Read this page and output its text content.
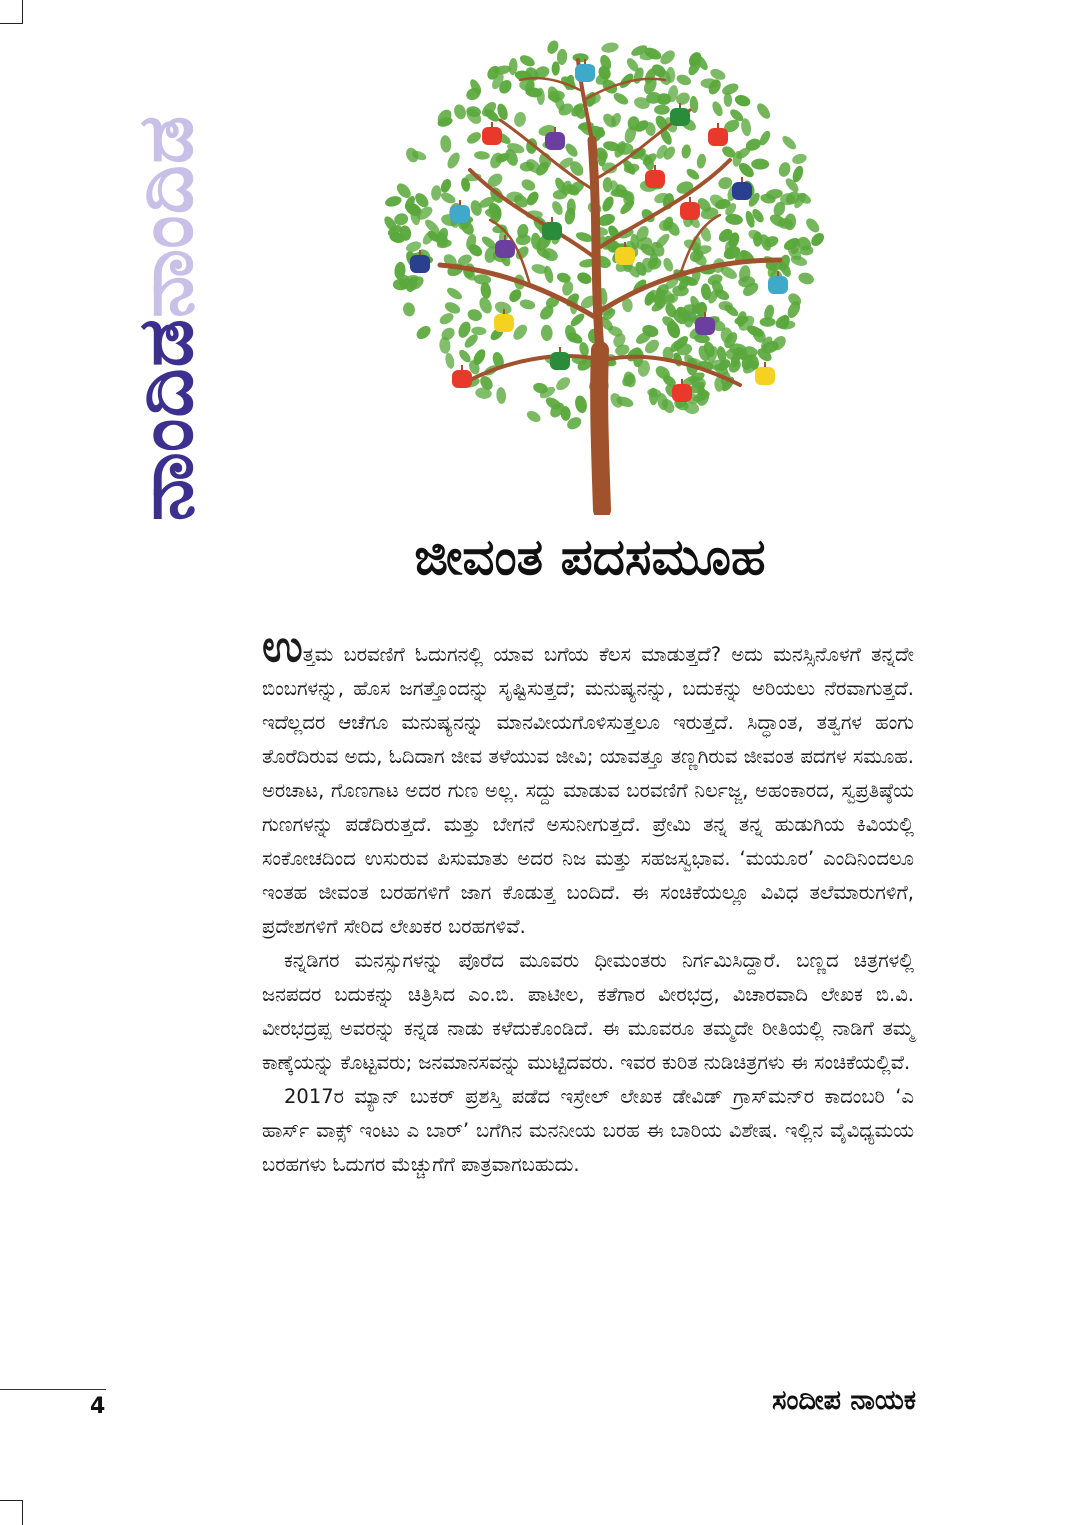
ನಾಂದಿಡನಾಂದಿಡ
ಜೀವಂತ ಪದಸಮೂಹ

ಉತ್ತಮ ಬರವಣಿಗೆ ಓದುಗನಲ್ಲಿ ಯಾವ ಬಗೆಯ ಕೆಲಸ ಮಾಡುತ್ತದೆ? ಅದು ಮನಸ್ಸಿನೊಳಗೆ ತನ್ನದೇ ಬಿಂಬಗಳನ್ನು, ಹೊಸ ಜಗತ್ತೊಂದನ್ನು ಸೃಷ್ಟಿಸುತ್ತದೆ; ಮನುಷ್ಯನನ್ನು, ಬದುಕನ್ನು ಅರಿಯಲು ನೆರವಾಗುತ್ತದೆ. ಇದೆಲ್ಲದರ ಆಚೆಗೂ ಮನುಷ್ಯನನ್ನು ಮಾನವೀಯಗೊಳಿಸುತ್ತಲೂ ಇರುತ್ತದೆ. ಸಿದ್ಧಾಂತ, ತತ್ವಗಳ ಹಂಗು ತೊರೆದಿರುವ ಅದು, ಓದಿದಾಗ ಜೀವ ತಳೆಯುವ ಜೀವಿ; ಯಾವತ್ತೂ ತಣ್ಣಗಿರುವ ಜೀವಂತ ಪದಗಳ ಸಮೂಹ. ಅರಚಾಟ, ಗೊಣಗಾಟ ಅದರ ಗುಣ ಅಲ್ಲ. ಸದ್ದು ಮಾಡುವ ಬರವಣಿಗೆ ನಿರ್ಲಜ್ಜ, ಅಹಂಕಾರದ, ಸ್ವಪ್ರತಿಷ್ಠೆಯ ಗುಣಗಳನ್ನು ಪಡೆದಿರುತ್ತದೆ. ಮತ್ತು ಬೇಗನೆ ಅಸುನೀಗುತ್ತದೆ. ಪ್ರೇಮಿ ತನ್ನ ತನ್ನ ಹುಡುಗಿಯ ಕಿವಿಯಲ್ಲಿ ಸಂಕೋಚದಿಂದ ಉಸುರುವ ಪಿಸುಮಾತು ಅದರ ನಿಜ ಮತ್ತು ಸಹಜಸ್ವಭಾವ. ‘ಮಯೂರ’ ಎಂದಿನಿಂದಲೂ ಇಂತಹ ಜೀವಂತ ಬರಹಗಳಿಗೆ ಜಾಗ ಕೊಡುತ್ತ ಬಂದಿದೆ. ಈ ಸಂಚಿಕೆಯಲ್ಲೂ ವಿವಿಧ ತಲೆಮಾರುಗಳಿಗೆ, ಪ್ರದೇಶಗಳಿಗೆ ಸೇರಿದ ಲೇಖಕರ ಬರಹಗಳಿವೆ.

ಕನ್ನಡಿಗರ ಮನಸ್ಸುಗಳನ್ನು ಪೊರೆದ ಮೂವರು ಧೀಮಂತರು ನಿರ್ಗಮಿಸಿದ್ದಾರೆ. ಬಣ್ಣದ ಚಿತ್ರಗಳಲ್ಲಿ ಜನಪದರ ಬದುಕನ್ನು ಚಿತ್ರಿಸಿದ ಎಂ.ಬಿ. ಪಾಟೀಲ, ಕತೆಗಾರ ವೀರಭದ್ರ, ವಿಚಾರವಾದಿ ಲೇಖಕ ಬಿ.ವಿ. ವೀರಭದ್ರಪ್ಪ ಅವರನ್ನು ಕನ್ನಡ ನಾಡು ಕಳೆದುಕೊಂಡಿದೆ. ಈ ಮೂವರೂ ತಮ್ಮದೇ ರೀತಿಯಲ್ಲಿ ನಾಡಿಗೆ ತಮ್ಮ ಕಾಣ್ಕೆಯನ್ನು ಕೊಟ್ಟವರು; ಜನಮಾನಸವನ್ನು ಮುಟ್ಟಿದವರು. ಇವರ ಕುರಿತ ನುಡಿಚಿತ್ರಗಳು ಈ ಸಂಚಿಕೆಯಲ್ಲಿವೆ.

2017ರ ಮ್ಯಾನ್ ಬುಕರ್ ಪ್ರಶಸ್ತಿ ಪಡೆದ ಇಸ್ರೇಲ್ ಲೇಖಕ ಡೇವಿಡ್ ಗ್ರಾಸ್‌ಮನ್‌ರ ಕಾದಂಬರಿ ‘ಎ ಹಾರ್ಸ್ ವಾಕ್ಸ್ ಇಂಟು ಎ ಬಾರ್’ ಬಗೆಗಿನ ಮನನೀಯ ಬರಹ ಈ ಬಾರಿಯ ವಿಶೇಷ. ಇಲ್ಲಿನ ವೈವಿಧ್ಯಮಯ ಬರಹಗಳು ಓದುಗರ ಮೆಚ್ಚುಗೆಗೆ ಪಾತ್ರವಾಗಬಹುದು.

ಸಂದೀಪ ನಾಯಕ
4
